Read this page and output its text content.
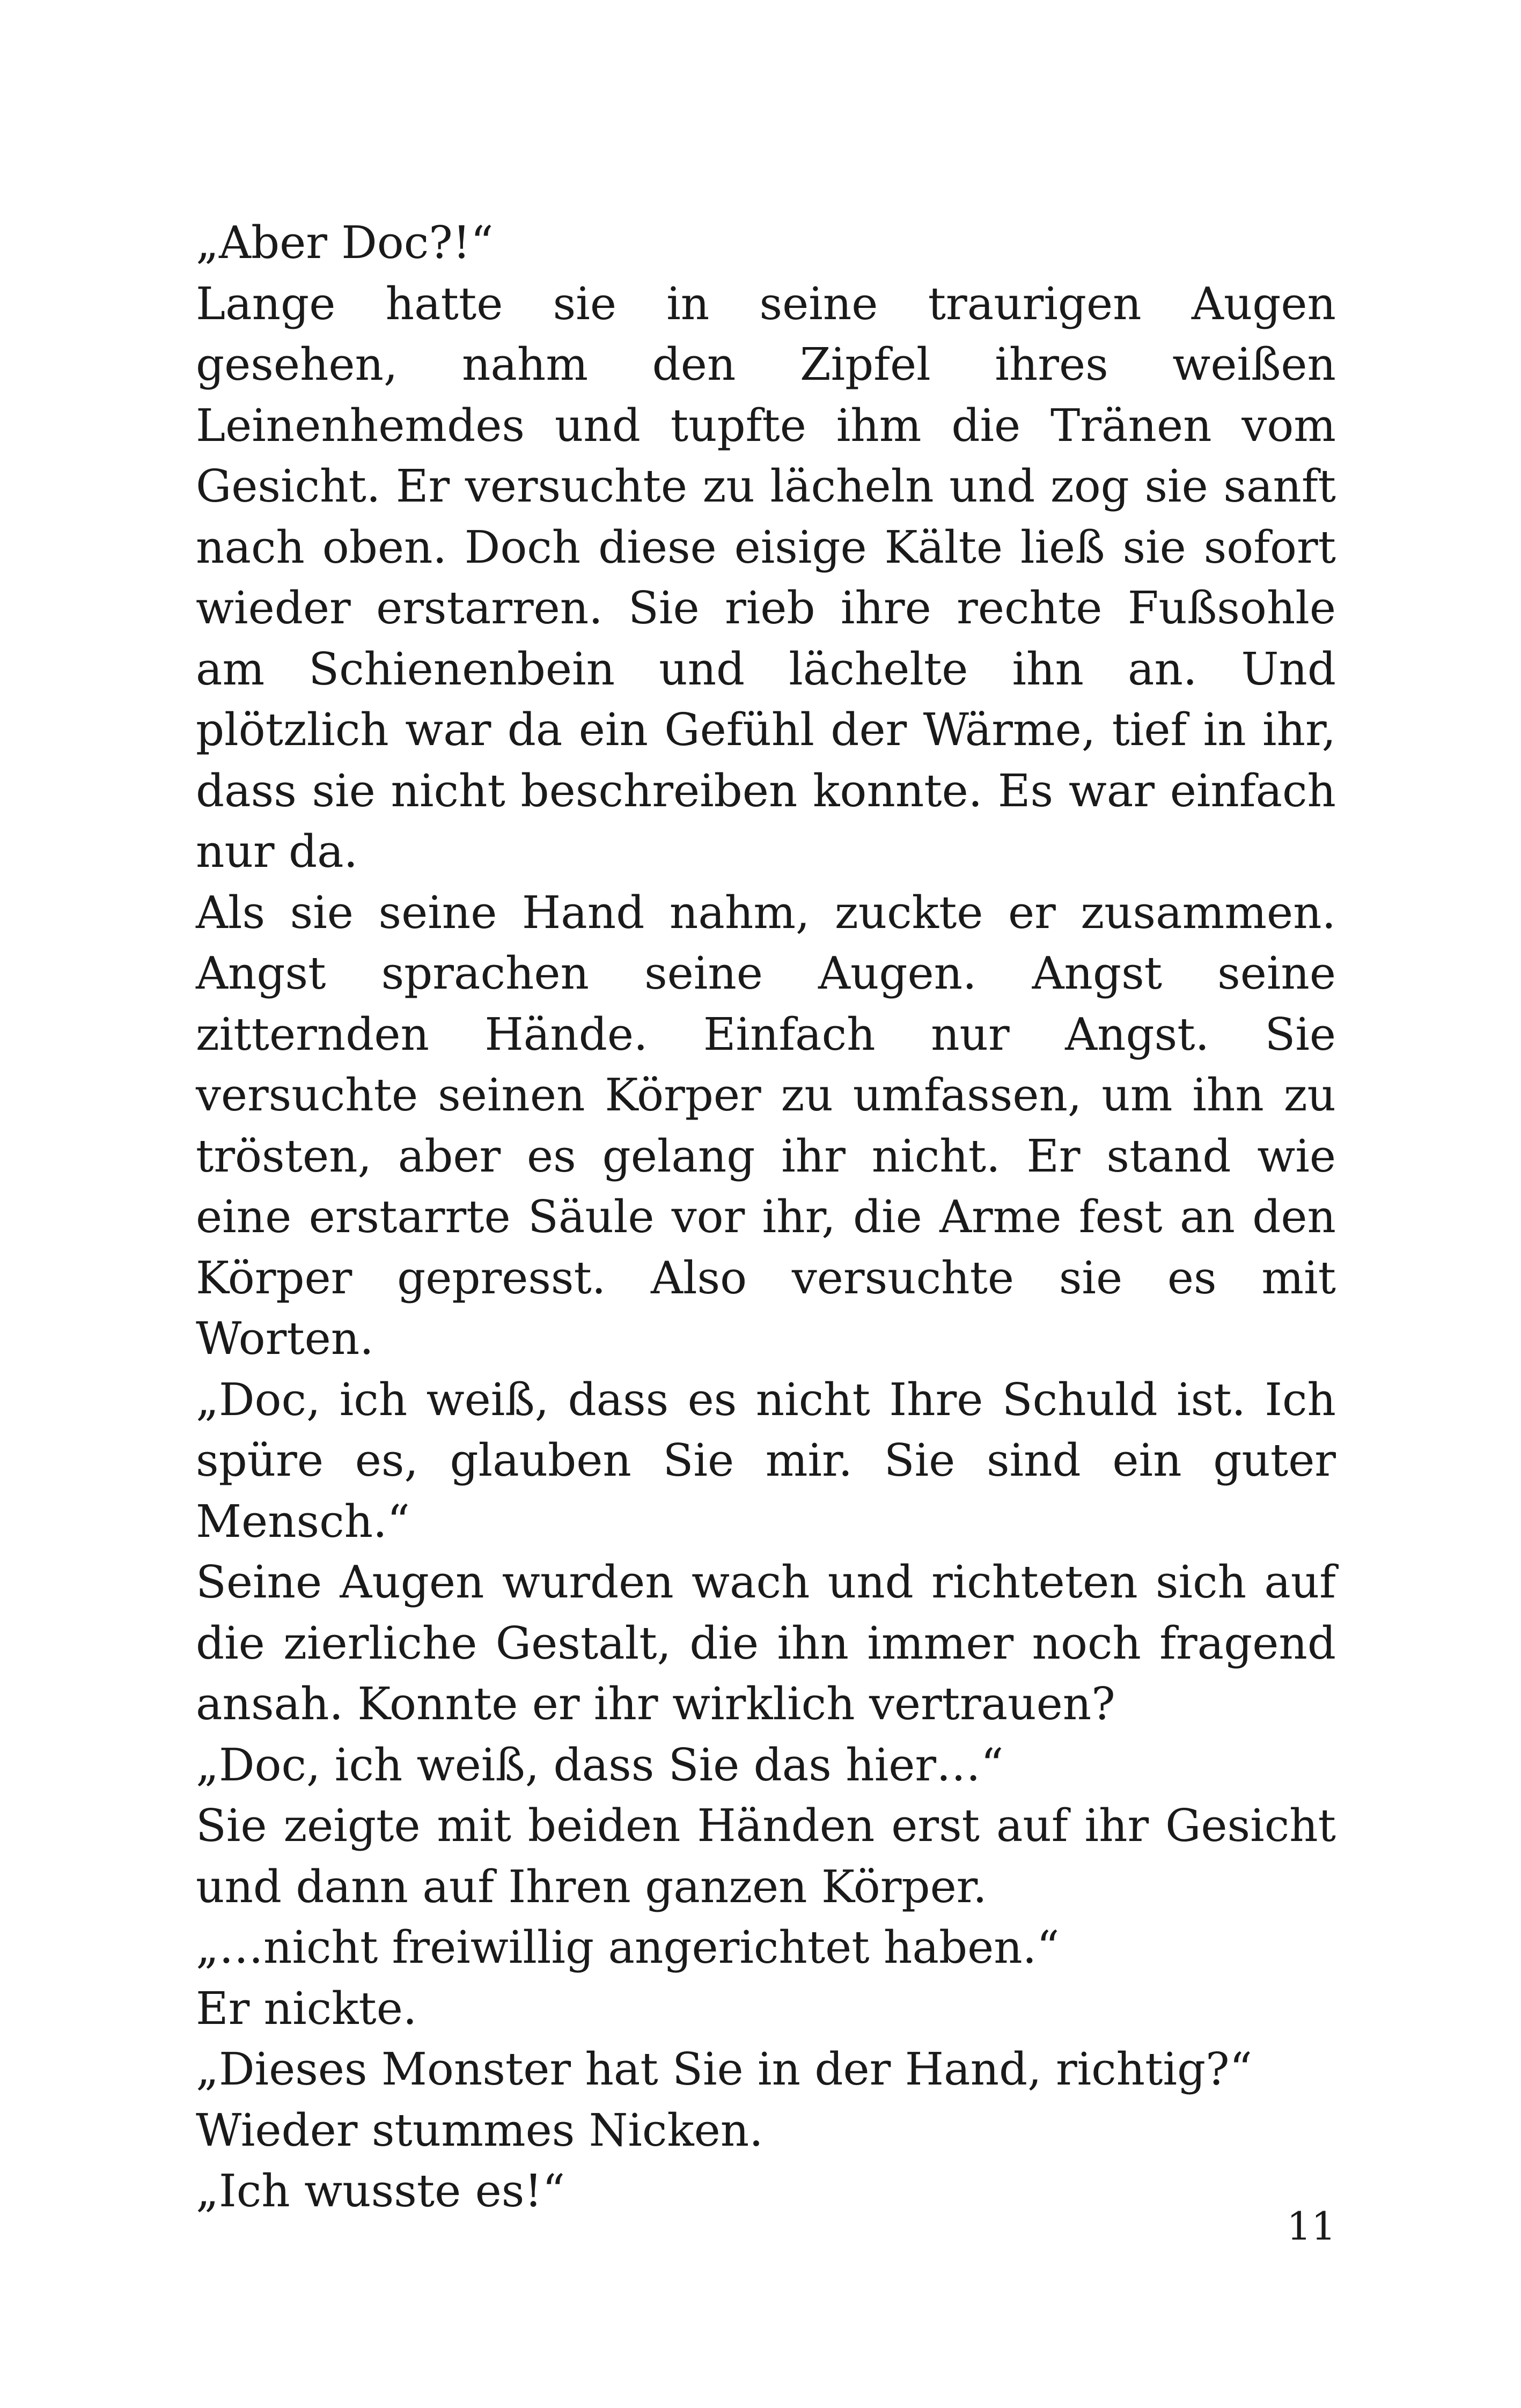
„Aber Doc?!“

Lange hatte sie in seine traurigen Augen gesehen, nahm den Zipfel ihres weißen Leinenhemdes und tupfte ihm die Tränen vom Gesicht. Er versuchte zu lächeln und zog sie sanft nach oben. Doch diese eisige Kälte ließ sie sofort wieder erstarren. Sie rieb ihre rechte Fußsohle am Schienenbein und lächelte ihn an. Und plötzlich war da ein Gefühl der Wärme, tief in ihr, dass sie nicht beschreiben konnte. Es war einfach nur da.

Als sie seine Hand nahm, zuckte er zusammen. Angst sprachen seine Augen. Angst seine zitternden Hände. Einfach nur Angst. Sie versuchte seinen Körper zu umfassen, um ihn zu trösten, aber es gelang ihr nicht. Er stand wie eine erstarrte Säule vor ihr, die Arme fest an den Körper gepresst. Also versuchte sie es mit Worten.

„Doc, ich weiß, dass es nicht Ihre Schuld ist. Ich spüre es, glauben Sie mir. Sie sind ein guter Mensch.“

Seine Augen wurden wach und richteten sich auf die zierliche Gestalt, die ihn immer noch fragend ansah. Konnte er ihr wirklich vertrauen?

„Doc, ich weiß, dass Sie das hier…“

Sie zeigte mit beiden Händen erst auf ihr Gesicht und dann auf Ihren ganzen Körper.

„…nicht freiwillig angerichtet haben.“

Er nickte.

„Dieses Monster hat Sie in der Hand, richtig?“

Wieder stummes Nicken.

„Ich wusste es!“

11
